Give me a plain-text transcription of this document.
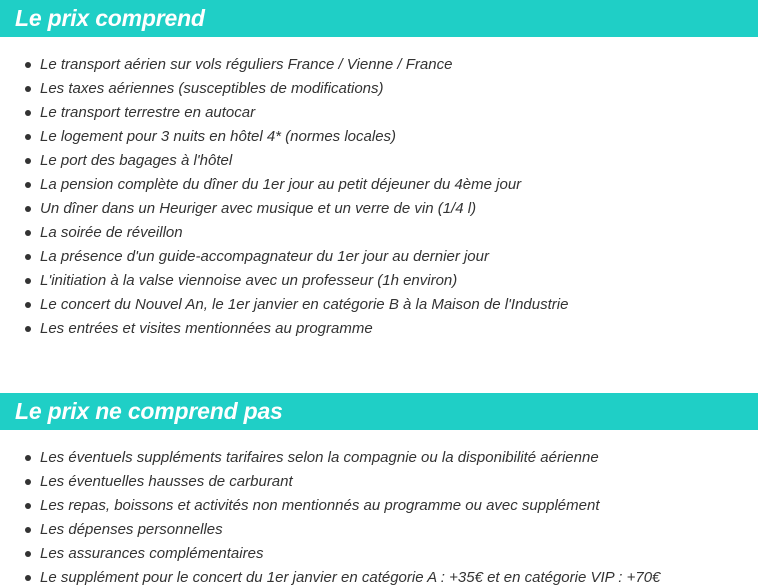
Le prix comprend
Le transport aérien sur vols réguliers France / Vienne / France
Les taxes aériennes (susceptibles de modifications)
Le transport terrestre en autocar
Le logement pour 3 nuits en hôtel 4* (normes locales)
Le port des bagages à l'hôtel
La pension complète du dîner du 1er jour au petit déjeuner du 4ème jour
Un dîner dans un Heuriger avec musique et un verre de vin (1/4 l)
La soirée de réveillon
La présence d'un guide-accompagnateur du 1er jour au dernier jour
L'initiation à la valse viennoise avec un professeur (1h environ)
Le concert du Nouvel An, le 1er janvier en catégorie B à la Maison de l'Industrie
Les entrées et visites mentionnées au programme
Le prix ne comprend pas
Les éventuels suppléments tarifaires selon la compagnie ou la disponibilité aérienne
Les éventuelles hausses de carburant
Les repas, boissons et activités non mentionnés au programme ou avec supplément
Les dépenses personnelles
Les assurances complémentaires
Le supplément pour le concert du 1er janvier en catégorie A : +35€ et en catégorie VIP : +70€
